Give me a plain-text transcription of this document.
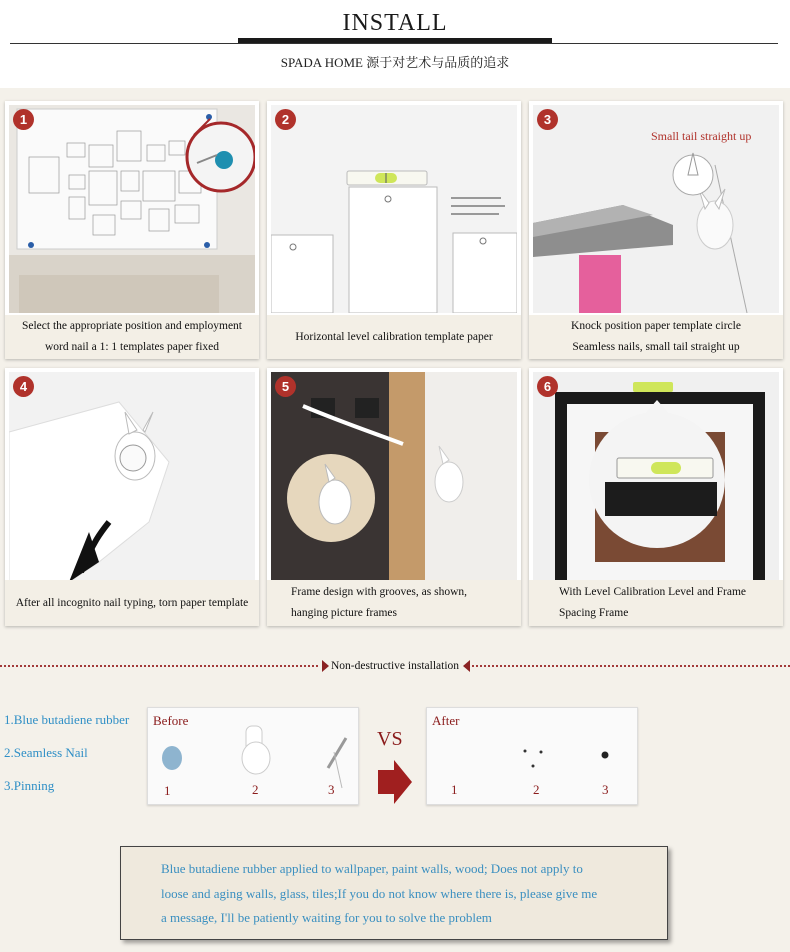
INSTALL
SPADA HOME 源于对艺术与品质的追求
1
Select the appropriate position and employment
word nail a 1: 1 templates paper fixed
2
Horizontal level calibration template paper
3
Small tail straight up
Knock position paper template circle
Seamless nails, small tail straight up
4
After all incognito nail typing, torn paper template
5
Frame design with grooves, as shown,
hanging picture frames
6
With Level Calibration Level and Frame
Spacing Frame
Non-destructive installation
1.Blue butadiene rubber
2.Seamless Nail
3.Pinning
Before
1	2	3
VS
After
1	2	3

Blue butadiene rubber applied to wallpaper, paint walls, wood; Does not apply to

loose and aging walls, glass, tiles;If you do not know where there is, please give me

a message, I'll be patiently waiting for you to solve the problem
